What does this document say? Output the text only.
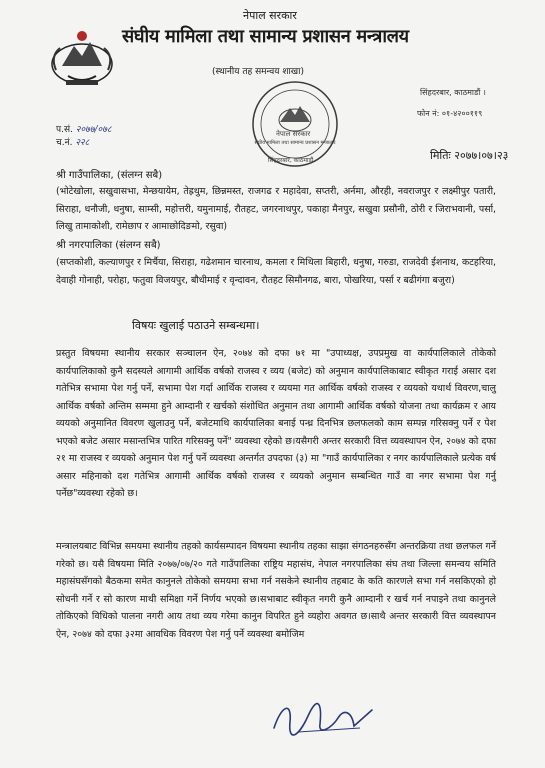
नेपाल सरकार
संघीय मामिला तथा सामान्य प्रशासन मन्त्रालय
(स्थानीय तह समन्वय शाखा)
नेपाल सरकार
संघीय मामिला तथा सामान्य प्रशासन मन्त्रालय
सिंहदरबार, काठमाडौं
सिंहदरबार, काठमाडौं ।
फोन नं: ०१-४२००११९
प.सं. २०७७/०७८
च.नं. २२८
मितिः २०७७।०७।२३
श्री गाउँपालिका, (संलग्न सबै)
(भोटेखोला, सखुवासभा, मेन्छयायेम, तेह्रथुम, छिन्नमस्त, राजगढ र महादेवा, सप्तरी, अर्नमा, औरही, नवराजपुर र लक्ष्मीपुर पतारी, सिराहा, धनौजी, धनुषा, साम्सी, महोत्तरी, यमुनामाई, रौतहट, जगरनाथपुर, पकाहा मैनपुर, सखुवा प्रसौनी, ठोरी र जिराभवानी, पर्सा, लिखु तामाकोशी, रामेछाप र आमाछोदिङमो, रसुवा)
श्री नगरपालिका (संलग्न सबै)
(सप्तकोशी, कल्याणपुर र मिर्चैया, सिराहा, गढेशमान चारनाथ, कमला र मिथिला बिहारी, धनुषा, गरुडा, राजदेवी ईशनाथ, कटहरिया, देवाही गोनाही, परोहा, फतुवा विजयपुर, बौधीमाई र वृन्दावन, रौतहट सिमौनगढ, बारा, पोखरिया, पर्सा र बढीगंगा बजुरा)
विषयः खुलाई पठाउने सम्बन्धमा।
प्रस्तुत विषयमा स्थानीय सरकार सञ्चालन ऐन, २०७४ को दफा ७१ मा "उपाध्यक्ष, उपप्रमुख वा कार्यपालिकाले तोकेको कार्यपालिकाको कुनै सदस्यले आगामी आर्थिक वर्षको राजस्व र व्यय (बजेट) को अनुमान कार्यपालिकाबाट स्वीकृत गराई असार दश गतेभित्र सभामा पेश गर्नु पर्ने, सभामा पेश गर्दा आर्थिक राजस्व र व्ययमा गत आर्थिक वर्षको राजस्व र व्ययको यथार्थ विवरण,चालु आर्थिक वर्षको अन्तिम सम्ममा हुने आम्दानी र खर्चको संशोधित अनुमान तथा आगामी आर्थिक वर्षको योजना तथा कार्यक्रम र आय व्ययको अनुमानित विवरण खुलाउनु पर्ने, बजेटमाथि कार्यपालिका बनाई पन्ध्र दिनभित्र छलफलको काम सम्पन्न गरिसक्नु पर्ने र पेश भएको बजेट असार मसान्तभित्र पारित गरिसक्नु पर्ने" व्यवस्था रहेको छ।यसैगरी अन्तर सरकारी वित्त व्यवस्थापन ऐन, २०७४ को दफा २१ मा राजस्व र व्ययको अनुमान पेश गर्नु पर्ने व्यवस्था अन्तर्गत उपदफा (३) मा "गाउँ कार्यपालिका र नगर कार्यपालिकाले प्रत्येक वर्ष असार महिनाको दश गतेभित्र आगामी आर्थिक वर्षको राजस्व र व्ययको अनुमान सम्बन्धित गाउँ वा नगर सभामा पेश गर्नु पर्नेछ"व्यवस्था रहेको छ।
मन्त्रालयबाट विभिन्न समयमा स्थानीय तहको कार्यसम्पादन विषयमा स्थानीय तहका साझा संगठनहरुसँग अन्तरक्रिया तथा छलफल गर्ने गरेको छ। यसै विषयमा मिति २०७७/०७/२० गते गाउँपालिका राष्ट्रिय महासंघ, नेपाल नगरपालिका संघ तथा जिल्ला समन्वय समिति महासंघसँगको बैठकमा समेत कानुनले तोकेको समयमा सभा गर्न नसकेने स्थानीय तहबाट के कति कारणले सभा गर्न नसकिएको हो सोधनी गर्ने र सो कारण माथी समिक्षा गर्ने निर्णय भएको छ।सभाबाट स्वीकृत नगरी कुनै आम्दानी र खर्च गर्न नपाइने तथा कानुनले तोकिएको विधिको पालना नगरी आय तथा व्यय गरेमा कानुन विपरित हुने व्यहोरा अवगत छ।साथै अन्तर सरकारी वित्त व्यवस्थापन ऐन, २०७४ को दफा ३२मा आवधिक विवरण पेश गर्नु पर्ने व्यवस्था बमोजिम
